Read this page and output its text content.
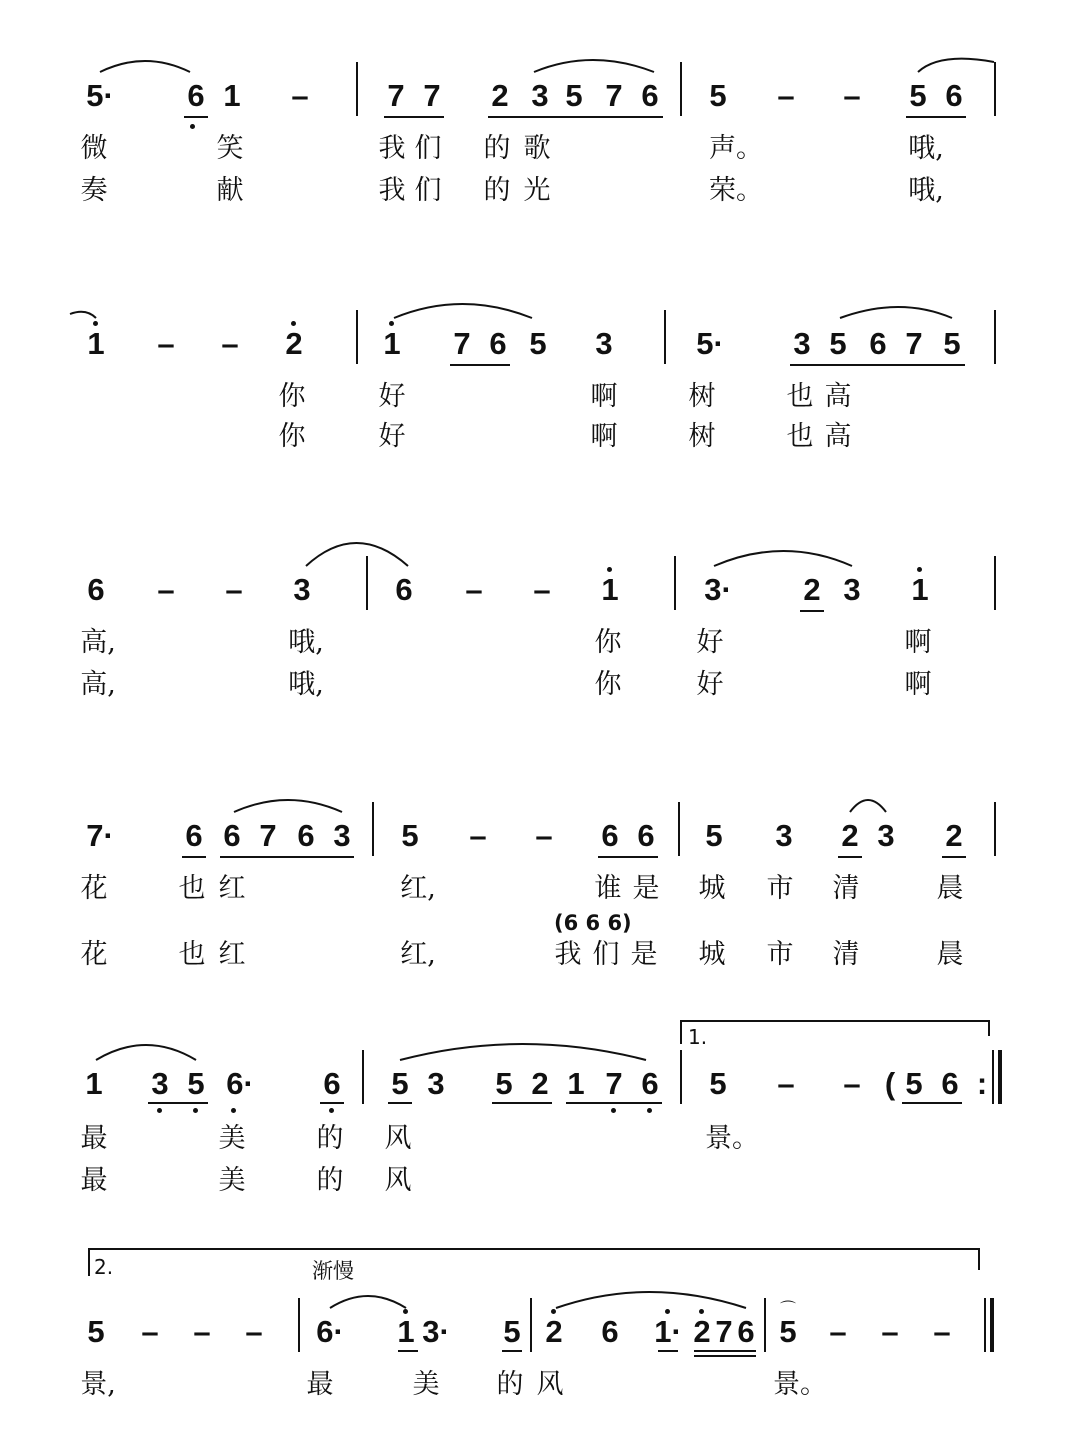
5· 6 1 –	7 7 2 3 5 7 6 5 – – 5 6
微	笑	我 们 的 歌	声。	哦,
奏	献	我 们 的 光	荣。	哦,
1 – – 2	1 7 6 5 3	5· 3 5 6 7 5
你	好	啊	树	也 高
你	好	啊	树	也 高
6 – – 3	6 – – 1	3· 2 3 1
高,	哦,	你	好	啊
高,	哦,	你	好	啊
7· 6 6 7 6 3 5 – – 6 6 5 3 2 3 2
花	也 红	红,	谁 是 城 市 清	晨
(6 6 6)
花	也 红	红,	我 们 是 城 市 清	晨
1.
1 3 5 6· 6 5 3 5 2 1 7 6 5 – – ( 5 6 :
最	美	的 风	景。
最	美	的 风
2.	渐慢
5 – – – 6· 1 3· 5 2 6 1· 2 7 6 5
⌒
– – –
景,	最	美 的 风	景。
